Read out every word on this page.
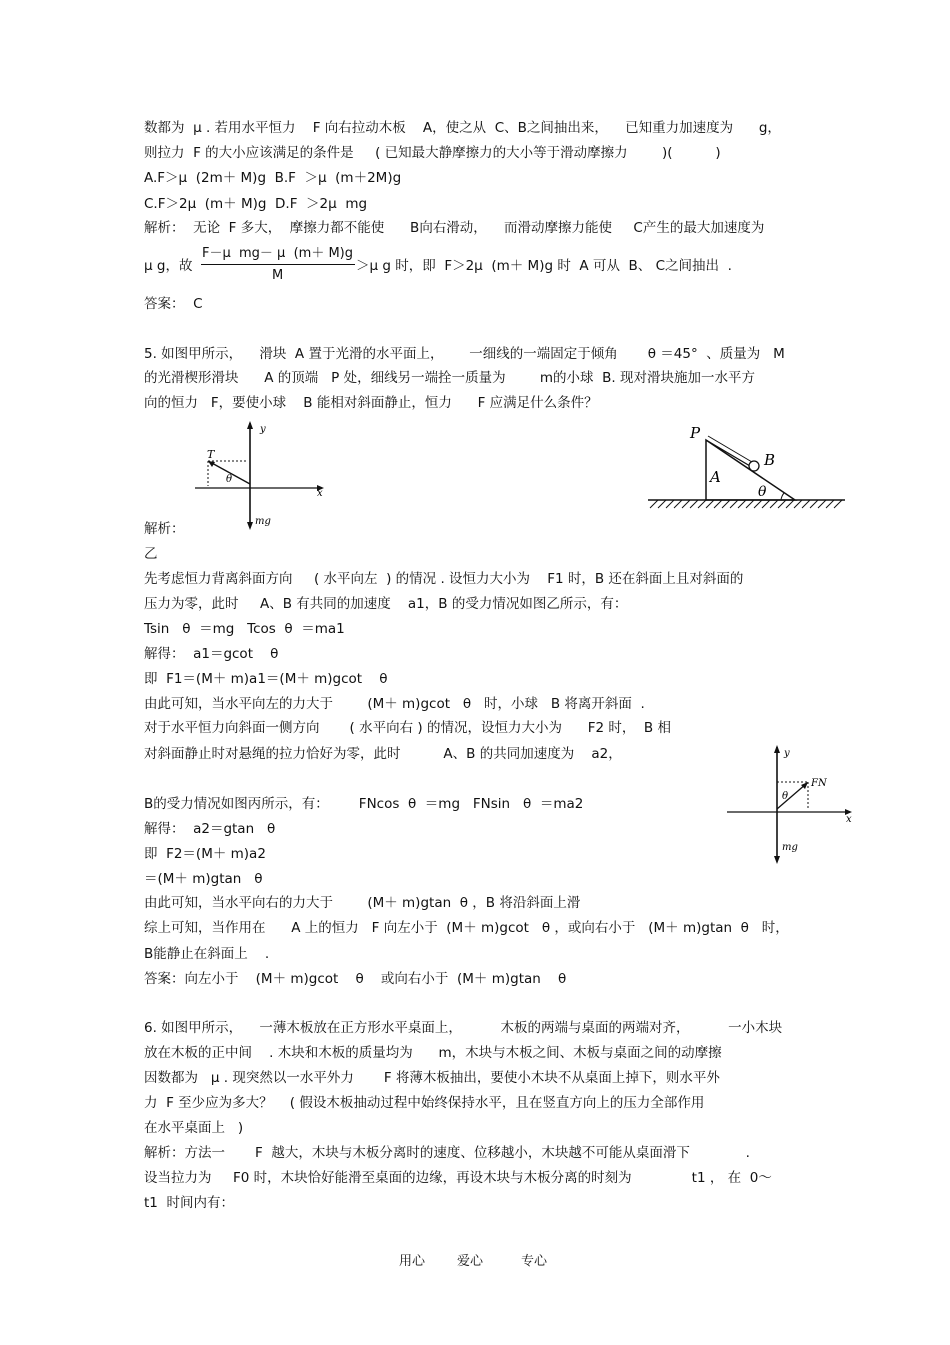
数都为  μ . 若用水平恒力    F 向右拉动木板    A，使之从  C、B之间抽出来，    已知重力加速度为      g，
则拉力  F 的大小应该满足的条件是     ( 已知最大静摩擦力的大小等于滑动摩擦力        )(          )
A.F＞μ  (2m＋ M)g  B.F  ＞μ  (m＋2M)g
C.F＞2μ  (m＋ M)g  D.F  ＞2μ  mg
解析：  无论  F 多大，  摩擦力都不能使      B向右滑动，    而滑动摩擦力能使     C产生的最大加速度为
μ g，故
F－μ  mg－ μ  (m＋ M)g
M
＞μ g 时，即  F＞2μ  (m＋ M)g 时  A 可从  B、 C之间抽出  .
答案：  C
5. 如图甲所示，    滑块  A 置于光滑的水平面上，      一细线的一端固定于倾角       θ ＝45°  、质量为   M
的光滑楔形滑块      A 的顶端   P 处，细线另一端拴一质量为        m的小球  B. 现对滑块施加一水平方
向的恒力   F，要使小球    B 能相对斜面静止，恒力      F 应满足什么条件？
y
x
T
θ
mg
P
A
B
θ
解析：
乙
先考虑恒力背离斜面方向     ( 水平向左  ) 的情况 . 设恒力大小为    F1 时，B 还在斜面上且对斜面的
压力为零，此时     A、B 有共同的加速度    a1，B 的受力情况如图乙所示，有：
Tsin   θ  ＝mg   Tcos  θ  ＝ma1
解得：  a1＝gcot    θ
即  F1＝(M＋ m)a1＝(M＋ m)gcot    θ
由此可知，当水平向左的力大于        (M＋ m)gcot   θ   时，小球   B 将离开斜面  .
对于水平恒力向斜面一侧方向       ( 水平向右 ) 的情况，设恒力大小为      F2 时，  B 相
对斜面静止时对悬绳的拉力恰好为零，此时          A、B 的共同加速度为    a2，	y
x
FN
θ
mg
B的受力情况如图丙所示，有：       FNcos  θ  ＝mg   FNsin   θ  ＝ma2
解得：  a2＝gtan   θ
即  F2＝(M＋ m)a2
＝(M＋ m)gtan   θ
由此可知，当水平向右的力大于        (M＋ m)gtan  θ ，B 将沿斜面上滑
综上可知，当作用在      A 上的恒力   F 向左小于  (M＋ m)gcot   θ ，或向右小于   (M＋ m)gtan  θ   时，
B能静止在斜面上    .
答案：向左小于    (M＋ m)gcot    θ    或向右小于  (M＋ m)gtan    θ
6. 如图甲所示，    一薄木板放在正方形水平桌面上，         木板的两端与桌面的两端对齐，         一小木块
放在木板的正中间    . 木块和木板的质量均为      m，木块与木板之间、木板与桌面之间的动摩擦
因数都为   μ . 现突然以一水平外力       F 将薄木板抽出，要使小木块不从桌面上掉下，则水平外
力  F 至少应为多大？    ( 假设木板抽动过程中始终保持水平，且在竖直方向上的压力全部作用
在水平桌面上   )
解析：方法一       F  越大，木块与木板分离时的速度、位移越小，木块越不可能从桌面滑下             .
设当拉力为     F0 时，木块恰好能滑至桌面的边缘，再设木块与木板分离的时刻为              t1 ， 在  0～
t1  时间内有：
用心 爱心	专心
